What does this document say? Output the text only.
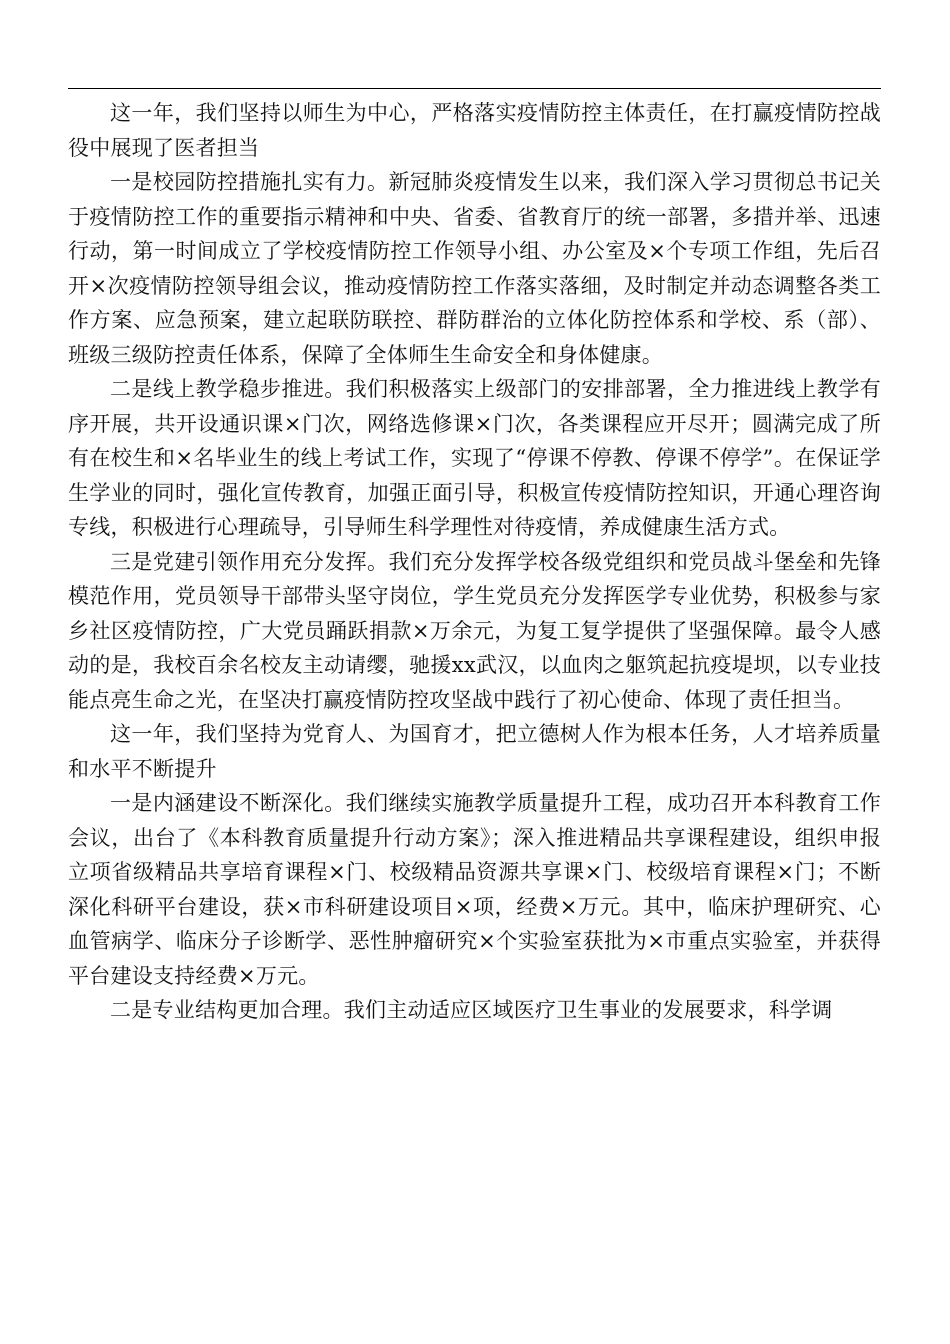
这一年，我们坚持以师生为中心，严格落实疫情防控主体责任，在打赢疫情防控战役中展现了医者担当

一是校园防控措施扎实有力。新冠肺炎疫情发生以来，我们深入学习贯彻总书记关于疫情防控工作的重要指示精神和中央、省委、省教育厅的统一部署，多措并举、迅速行动，第一时间成立了学校疫情防控工作领导小组、办公室及×个专项工作组，先后召开×次疫情防控领导组会议，推动疫情防控工作落实落细，及时制定并动态调整各类工作方案、应急预案，建立起联防联控、群防群治的立体化防控体系和学校、系（部）、班级三级防控责任体系，保障了全体师生生命安全和身体健康。

二是线上教学稳步推进。我们积极落实上级部门的安排部署，全力推进线上教学有序开展，共开设通识课×门次，网络选修课×门次，各类课程应开尽开；圆满完成了所有在校生和×名毕业生的线上考试工作，实现了“停课不停教、停课不停学”。在保证学生学业的同时，强化宣传教育，加强正面引导，积极宣传疫情防控知识，开通心理咨询专线，积极进行心理疏导，引导师生科学理性对待疫情，养成健康生活方式。

三是党建引领作用充分发挥。我们充分发挥学校各级党组织和党员战斗堡垒和先锋模范作用，党员领导干部带头坚守岗位，学生党员充分发挥医学专业优势，积极参与家乡社区疫情防控，广大党员踊跃捐款×万余元，为复工复学提供了坚强保障。最令人感动的是，我校百余名校友主动请缨，驰援xx武汉，以血肉之躯筑起抗疫堤坝，以专业技能点亮生命之光，在坚决打赢疫情防控攻坚战中践行了初心使命、体现了责任担当。

这一年，我们坚持为党育人、为国育才，把立德树人作为根本任务，人才培养质量和水平不断提升

一是内涵建设不断深化。我们继续实施教学质量提升工程，成功召开本科教育工作会议，出台了《本科教育质量提升行动方案》；深入推进精品共享课程建设，组织申报立项省级精品共享培育课程×门、校级精品资源共享课×门、校级培育课程×门；不断深化科研平台建设，获×市科研建设项目×项，经费×万元。其中，临床护理研究、心血管病学、临床分子诊断学、恶性肿瘤研究×个实验室获批为×市重点实验室，并获得平台建设支持经费×万元。

二是专业结构更加合理。我们主动适应区域医疗卫生事业的发展要求，科学调
